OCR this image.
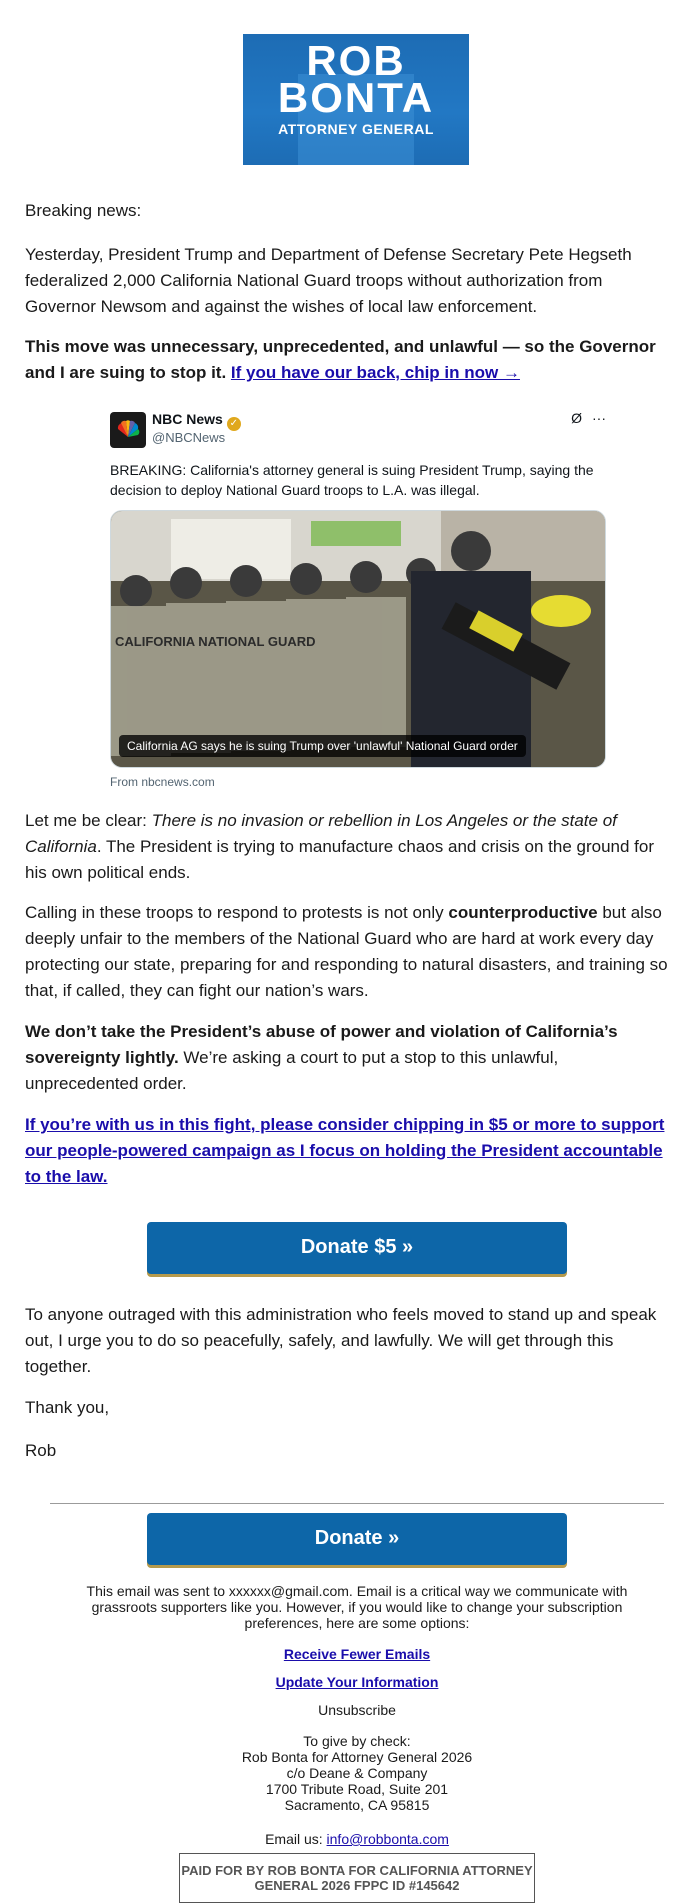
ROB
BONTA
ATTORNEY GENERAL
Breaking news:
Yesterday, President Trump and Department of Defense Secretary Pete Hegseth federalized 2,000 California National Guard troops without authorization from Governor Newsom and against the wishes of local law enforcement.
This move was unnecessary, unprecedented, and unlawful — so the Governor and I are suing to stop it. If you have our back, chip in now →
NBC News ✓
@NBCNews
Ø ···
BREAKING: California's attorney general is suing President Trump, saying the decision to deploy National Guard troops to L.A. was illegal.
CALIFORNIA NATIONAL GUARD
California AG says he is suing Trump over 'unlawful' National Guard order
From nbcnews.com
Let me be clear: There is no invasion or rebellion in Los Angeles or the state of California. The President is trying to manufacture chaos and crisis on the ground for his own political ends.
Calling in these troops to respond to protests is not only counterproductive but also deeply unfair to the members of the National Guard who are hard at work every day protecting our state, preparing for and responding to natural disasters, and training so that, if called, they can fight our nation’s wars.
We don’t take the President’s abuse of power and violation of California’s sovereignty lightly. We’re asking a court to put a stop to this unlawful, unprecedented order.
If you’re with us in this fight, please consider chipping in $5 or more to support our people-powered campaign as I focus on holding the President accountable to the law.
Donate $5 »
To anyone outraged with this administration who feels moved to stand up and speak out, I urge you to do so peacefully, safely, and lawfully. We will get through this together.
Thank you,
Rob
Donate »
This email was sent to xxxxxx@gmail.com. Email is a critical way we communicate with grassroots supporters like you. However, if you would like to change your subscription preferences, here are some options:
Receive Fewer Emails
Update Your Information
Unsubscribe
To give by check:
Rob Bonta for Attorney General 2026
c/o Deane & Company
1700 Tribute Road, Suite 201
Sacramento, CA 95815
Email us: info@robbonta.com
PAID FOR BY ROB BONTA FOR CALIFORNIA ATTORNEY GENERAL 2026 FPPC ID #145642
